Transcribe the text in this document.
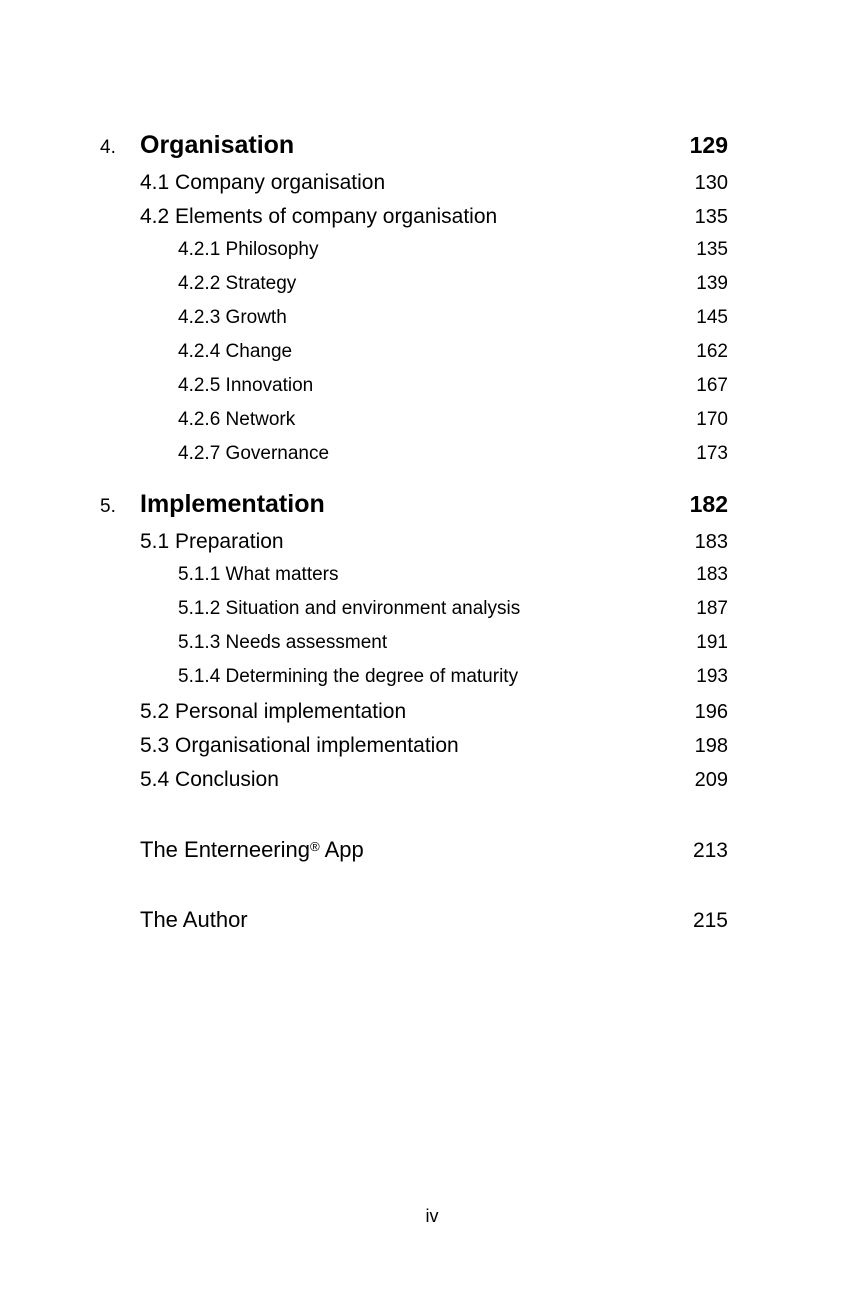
4. Organisation	129
4.1 Company organisation	130
4.2 Elements of company organisation	135
4.2.1 Philosophy	135
4.2.2 Strategy	139
4.2.3 Growth	145
4.2.4 Change	162
4.2.5 Innovation	167
4.2.6 Network	170
4.2.7 Governance	173
5. Implementation	182
5.1 Preparation	183
5.1.1 What matters	183
5.1.2 Situation and environment analysis	187
5.1.3 Needs assessment	191
5.1.4 Determining the degree of maturity	193
5.2 Personal implementation	196
5.3 Organisational implementation	198
5.4 Conclusion	209
The Enterneering® App	213
The Author	215
iv
